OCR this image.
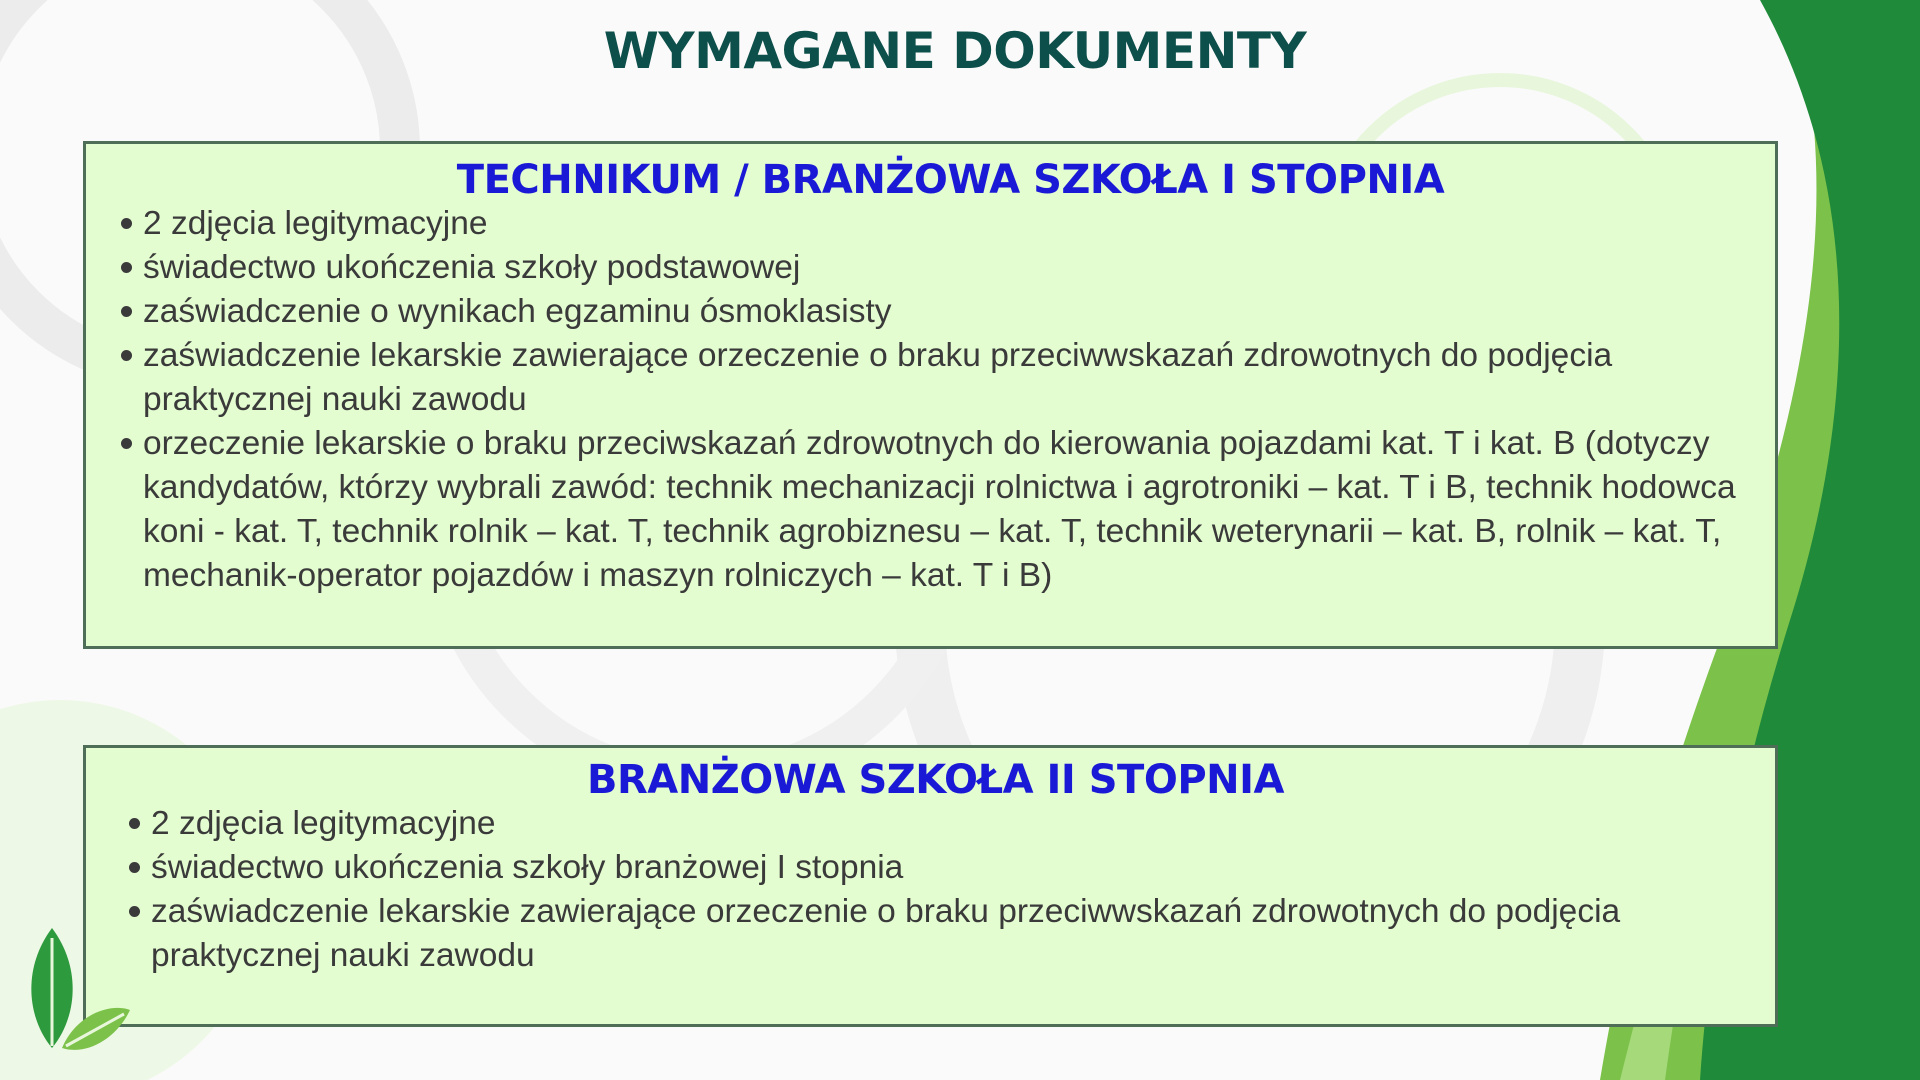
WYMAGANE DOKUMENTY
TECHNIKUM / BRANŻOWA SZKOŁA I STOPNIA
2 zdjęcia legitymacyjne
świadectwo ukończenia szkoły podstawowej
zaświadczenie o wynikach egzaminu ósmoklasisty
zaświadczenie lekarskie zawierające orzeczenie o braku przeciwwskazań zdrowotnych do podjęcia praktycznej nauki zawodu
orzeczenie lekarskie o braku przeciwskazań zdrowotnych do kierowania pojazdami kat. T i kat. B (dotyczy kandydatów, którzy wybrali zawód: technik mechanizacji rolnictwa i agrotroniki – kat. T i B, technik hodowca koni - kat. T, technik rolnik – kat. T, technik agrobiznesu – kat. T, technik weterynarii – kat. B, rolnik – kat. T, mechanik-operator pojazdów i maszyn rolniczych – kat. T i B)
BRANŻOWA SZKOŁA II STOPNIA
2 zdjęcia legitymacyjne
świadectwo ukończenia szkoły branżowej I stopnia
zaświadczenie lekarskie zawierające orzeczenie o braku przeciwwskazań zdrowotnych do podjęcia praktycznej nauki zawodu
